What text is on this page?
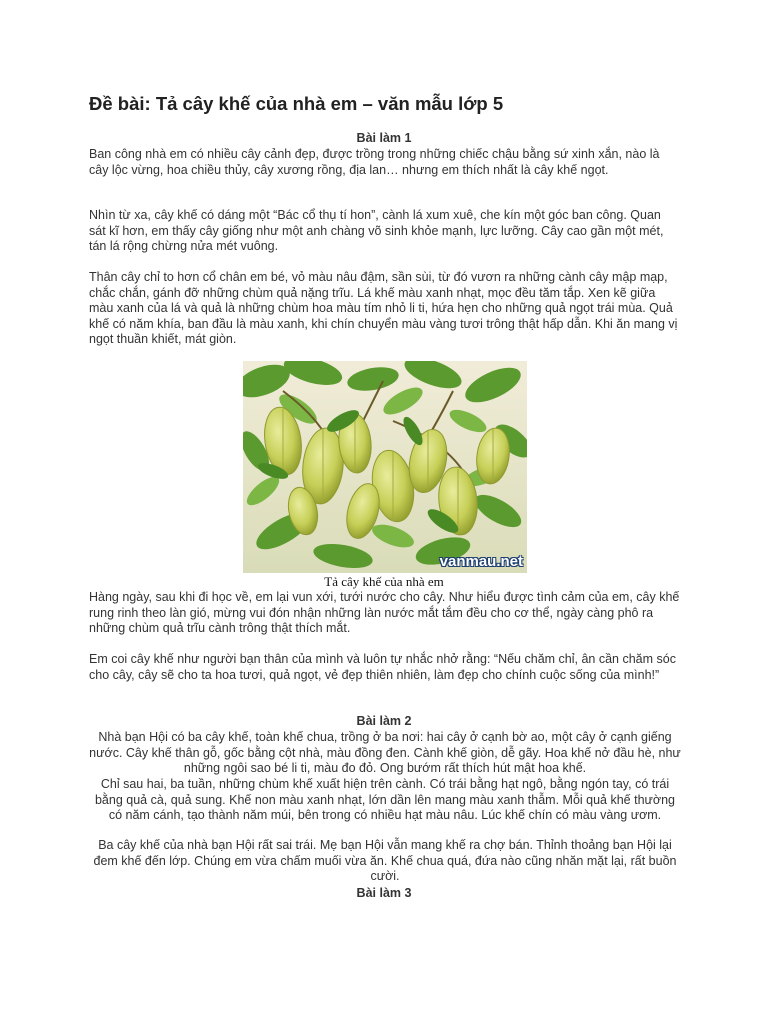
Đề bài: Tả cây khế của nhà em – văn mẫu lớp 5
Bài làm 1

Ban công nhà em có nhiều cây cảnh đẹp, được trồng trong những chiếc chậu bằng sứ xinh xắn, nào là cây lộc vừng, hoa chiều thủy, cây xương rồng, địa lan… nhưng em thích nhất là cây khế ngọt.

Nhìn từ xa, cây khế có dáng một “Bác cổ thụ tí hon”, cành lá xum xuê, che kín một góc ban công. Quan sát kĩ hơn, em thấy cây giống như một anh chàng võ sinh khỏe mạnh, lực lưỡng. Cây cao gần một mét, tán lá rộng chừng nửa mét vuông.

Thân cây chỉ to hơn cổ chân em bé, vỏ màu nâu đậm, sần sùi, từ đó vươn ra những cành cây mập mạp, chắc chắn, gánh đỡ những chùm quả nặng trĩu. Lá khế màu xanh nhạt, mọc đều tăm tắp. Xen kẽ giữa màu xanh của lá và quả là những chùm hoa màu tím nhỏ li ti, hứa hẹn cho những quả ngọt trái mùa. Quả khế có năm khía, ban đầu là màu xanh, khi chín chuyển màu vàng tươi trông thật hấp dẫn. Khi ăn mang vị ngọt thuần khiết, mát giòn.

vanmau.net
Tả cây khế của nhà em

Hàng ngày, sau khi đi học về, em lại vun xới, tưới nước cho cây. Như hiểu được tình cảm của em, cây khế rung rinh theo làn gió, mừng vui đón nhận những làn nước mắt tắm đều cho cơ thể, ngày càng phô ra những chùm quả trĩu cành trông thật thích mắt.

Em coi cây khế như người bạn thân của mình và luôn tự nhắc nhở rằng: “Nếu chăm chỉ, ân cần chăm sóc cho cây, cây sẽ cho ta hoa tươi, quả ngọt, vẻ đẹp thiên nhiên, làm đẹp cho chính cuộc sống của mình!”

Bài làm 2

Nhà bạn Hội có ba cây khế, toàn khế chua, trồng ở ba nơi: hai cây ở cạnh bờ ao, một cây ở cạnh giếng nước. Cây khế thân gỗ, gốc bằng cột nhà, màu đồng đen. Cành khế giòn, dễ gãy. Hoa khế nở đầu hè, như những ngôi sao bé li ti, màu đo đỏ. Ong bướm rất thích hút mật hoa khế.

Chỉ sau hai, ba tuần, những chùm khế xuất hiện trên cành. Có trái bằng hạt ngô, bằng ngón tay, có trái bằng quả cà, quả sung. Khế non màu xanh nhạt, lớn dần lên mang màu xanh thẫm. Mỗi quả khế thường có năm cánh, tạo thành năm múi, bên trong có nhiều hạt màu nâu. Lúc khế chín có màu vàng ươm.

Ba cây khế của nhà bạn Hội rất sai trái. Mẹ bạn Hội vẫn mang khế ra chợ bán. Thỉnh thoảng bạn Hội lại đem khế đến lớp. Chúng em vừa chấm muối vừa ăn. Khế chua quá, đứa nào cũng nhăn mặt lại, rất buồn cười.

Bài làm 3
